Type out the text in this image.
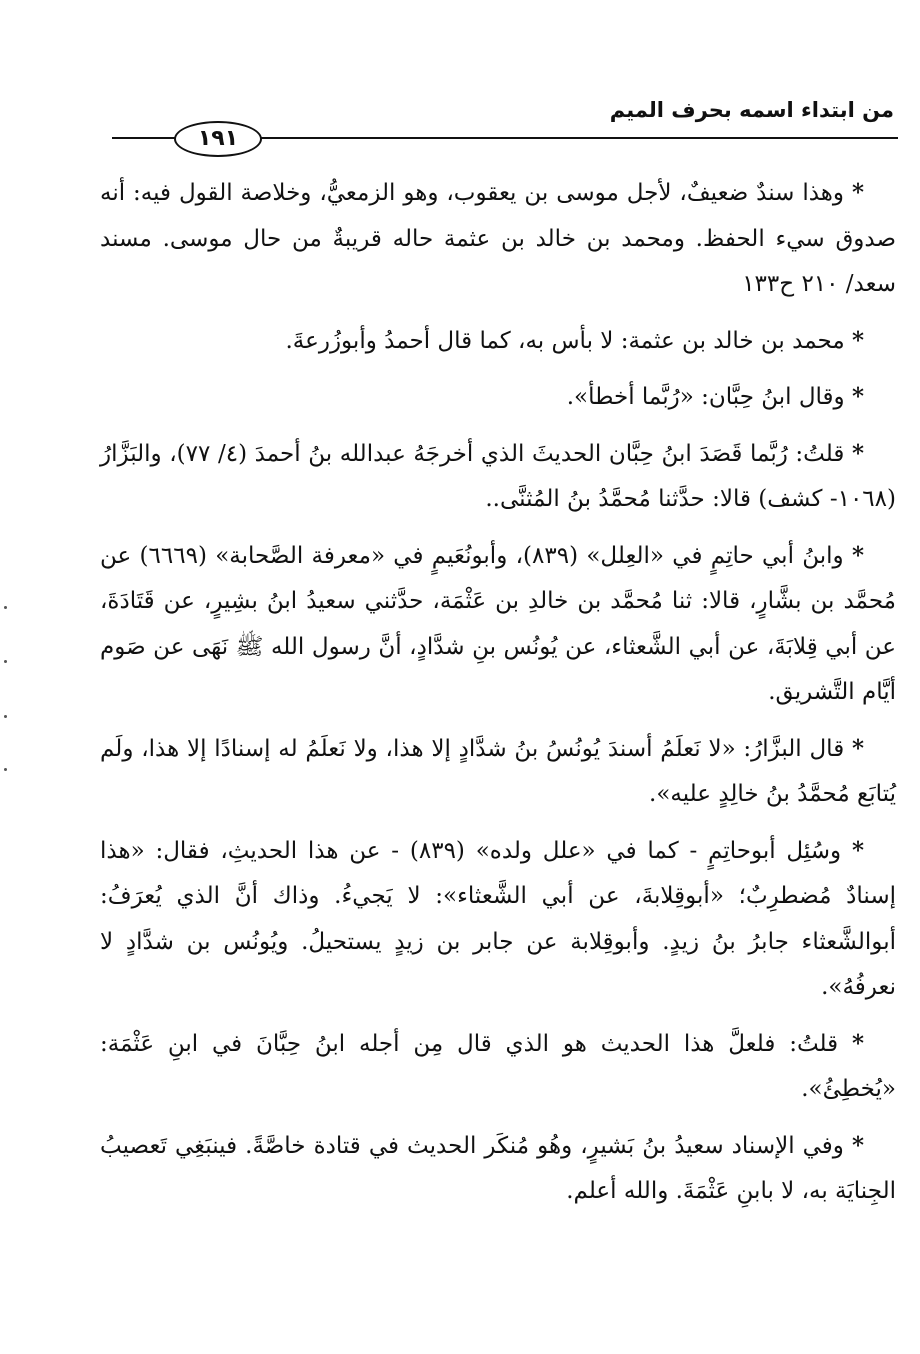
من ابتداء اسمه بحرف الميم
١٩١

* وهذا سندٌ ضعيفٌ، لأجل موسى بن يعقوب، وهو الزمعيُّ، وخلاصة القول فيه: أنه صدوق سيء الحفظ. ومحمد بن خالد بن عثمة حاله قريبةٌ من حال موسى. مسند سعد/ ٢١٠ ح١٣٣

* محمد بن خالد بن عثمة: لا بأس به، كما قال أحمدُ وأبوزُرعةَ.

* وقال ابنُ حِبَّان: «رُبَّما أخطأ».

* قلتُ: رُبَّما قَصَدَ ابنُ حِبَّان الحديثَ الذي أخرجَهُ عبدالله بنُ أحمدَ (٤/ ٧٧)، والبَزَّارُ (١٠٦٨- كشف) قالا: حدَّثنا مُحمَّدُ بنُ المُثنَّى..

* وابنُ أبي حاتِمٍ في «العِلل» (٨٣٩)، وأبونُعَيمٍ في «معرفة الصَّحابة» (٦٦٦٩) عن مُحمَّد بن بشَّارٍ، قالا: ثنا مُحمَّد بن خالدِ بن عَثْمَة، حدَّثني سعيدُ ابنُ بشِيرٍ، عن قَتَادَةَ، عن أبي قِلابَةَ، عن أبي الشَّعثاء، عن يُونُس بنِ شدَّادٍ، أنَّ رسول الله ﷺ نَهَى عن صَوم أيَّام التَّشريق.

* قال البزَّارُ: «لا نَعلَمُ أسندَ يُونُسُ بنُ شدَّادٍ إلا هذا، ولا نَعلَمُ له إسنادًا إلا هذا، ولَم يُتابَع مُحمَّدُ بنُ خالِدٍ عليه».

* وسُئِل أبوحاتِمٍ - كما في «علل ولده» (٨٣٩) - عن هذا الحديثِ، فقال: «هذا إسنادٌ مُضطرِبٌ؛ «أبوقِلابةَ، عن أبي الشَّعثاء»: لا يَجيءُ. وذاك أنَّ الذي يُعرَفُ: أبوالشَّعثاء جابرُ بنُ زيدٍ. وأبوقِلابة عن جابر بن زيدٍ يستحيلُ. ويُونُس بن شدَّادٍ لا نعرفُهُ».

* قلتُ: فلعلَّ هذا الحديث هو الذي قال مِن أجله ابنُ حِبَّانَ في ابنِ عَثْمَة: «يُخطِئُ».

* وفي الإسناد سعيدُ بنُ بَشيرٍ، وهُو مُنكَر الحديث في قتادة خاصَّةً. فينبَغِي تَعصيبُ الجِنايَة به، لا بابنِ عَثْمَةَ. والله أعلم.
